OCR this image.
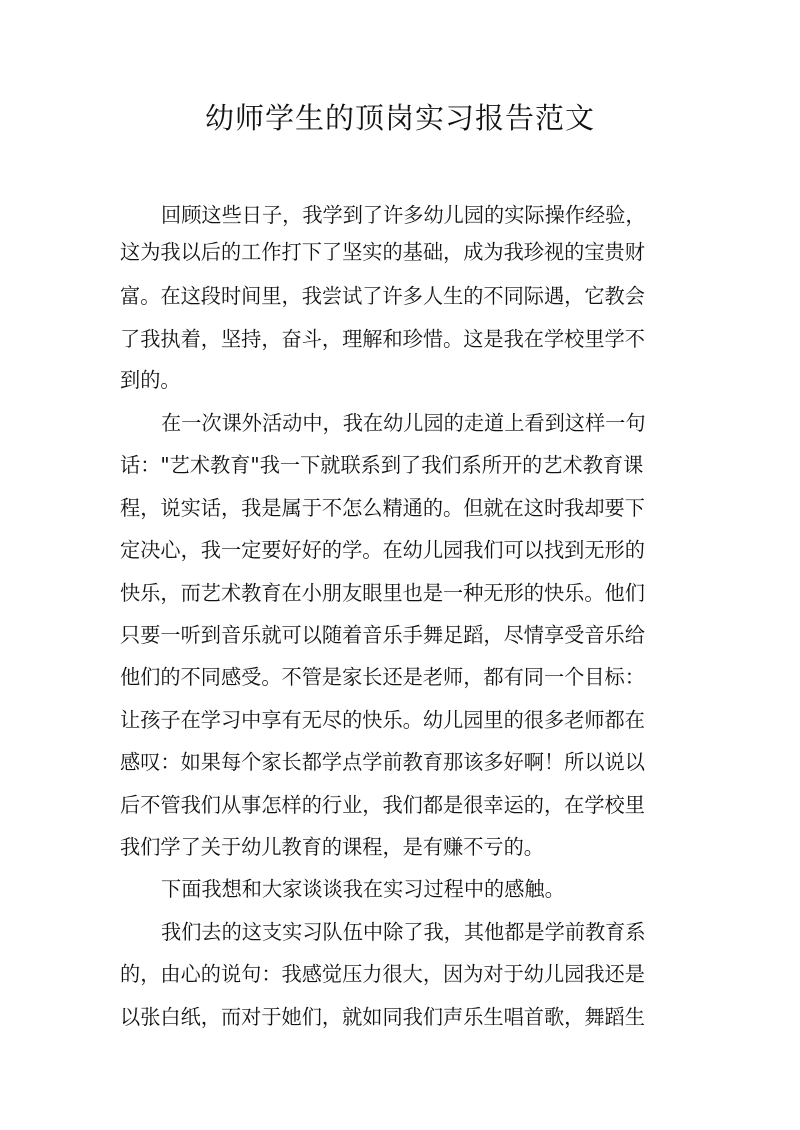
幼师学生的顶岗实习报告范文
回顾这些日子，我学到了许多幼儿园的实际操作经验，
这为我以后的工作打下了坚实的基础，成为我珍视的宝贵财
富。在这段时间里，我尝试了许多人生的不同际遇，它教会
了我执着，坚持，奋斗，理解和珍惜。这是我在学校里学不
到的。
在一次课外活动中，我在幼儿园的走道上看到这样一句
话："艺术教育"我一下就联系到了我们系所开的艺术教育课
程，说实话，我是属于不怎么精通的。但就在这时我却要下
定决心，我一定要好好的学。在幼儿园我们可以找到无形的
快乐，而艺术教育在小朋友眼里也是一种无形的快乐。他们
只要一听到音乐就可以随着音乐手舞足蹈，尽情享受音乐给
他们的不同感受。不管是家长还是老师，都有同一个目标：
让孩子在学习中享有无尽的快乐。幼儿园里的很多老师都在
感叹：如果每个家长都学点学前教育那该多好啊！所以说以
后不管我们从事怎样的行业，我们都是很幸运的，在学校里
我们学了关于幼儿教育的课程，是有赚不亏的。
下面我想和大家谈谈我在实习过程中的感触。
我们去的这支实习队伍中除了我，其他都是学前教育系
的，由心的说句：我感觉压力很大，因为对于幼儿园我还是
以张白纸，而对于她们，就如同我们声乐生唱首歌，舞蹈生
